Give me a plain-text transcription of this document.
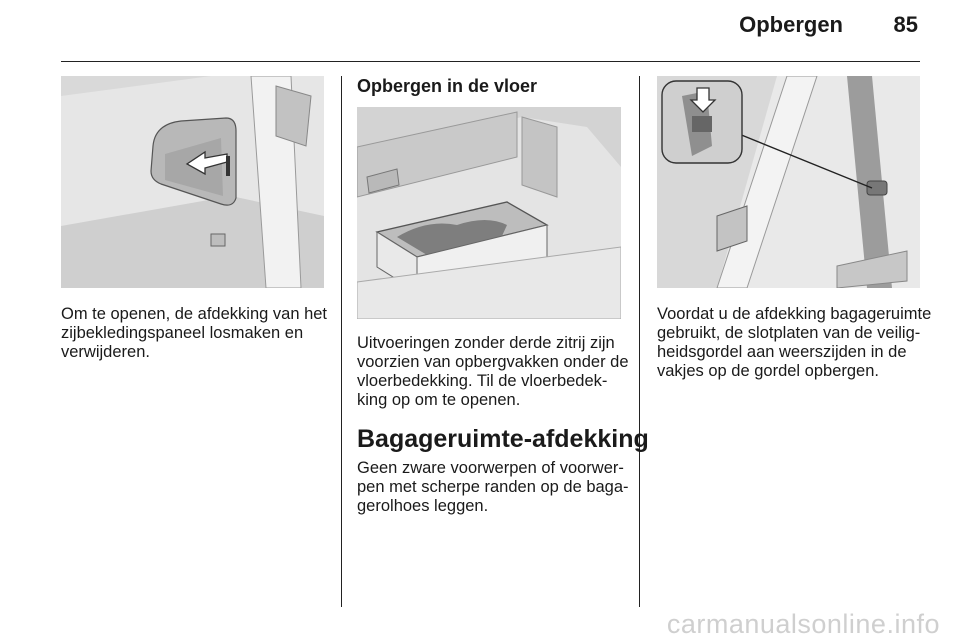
Opbergen 85
Om te openen, de afdekking van het
zijbekledingspaneel losmaken en
verwijderen.
Opbergen in de vloer
Uitvoeringen zonder derde zitrij zijn
voorzien van opbergvakken onder de
vloerbedekking. Til de vloerbedek-
king op om te openen.
Bagageruimte-afdekking
Geen zware voorwerpen of voorwer-
pen met scherpe randen op de baga-
gerolhoes leggen.
Voordat u de afdekking bagageruimte
gebruikt, de slotplaten van de veilig-
heidsgordel aan weerszijden in de
vakjes op de gordel opbergen.
carmanualsonline.info
